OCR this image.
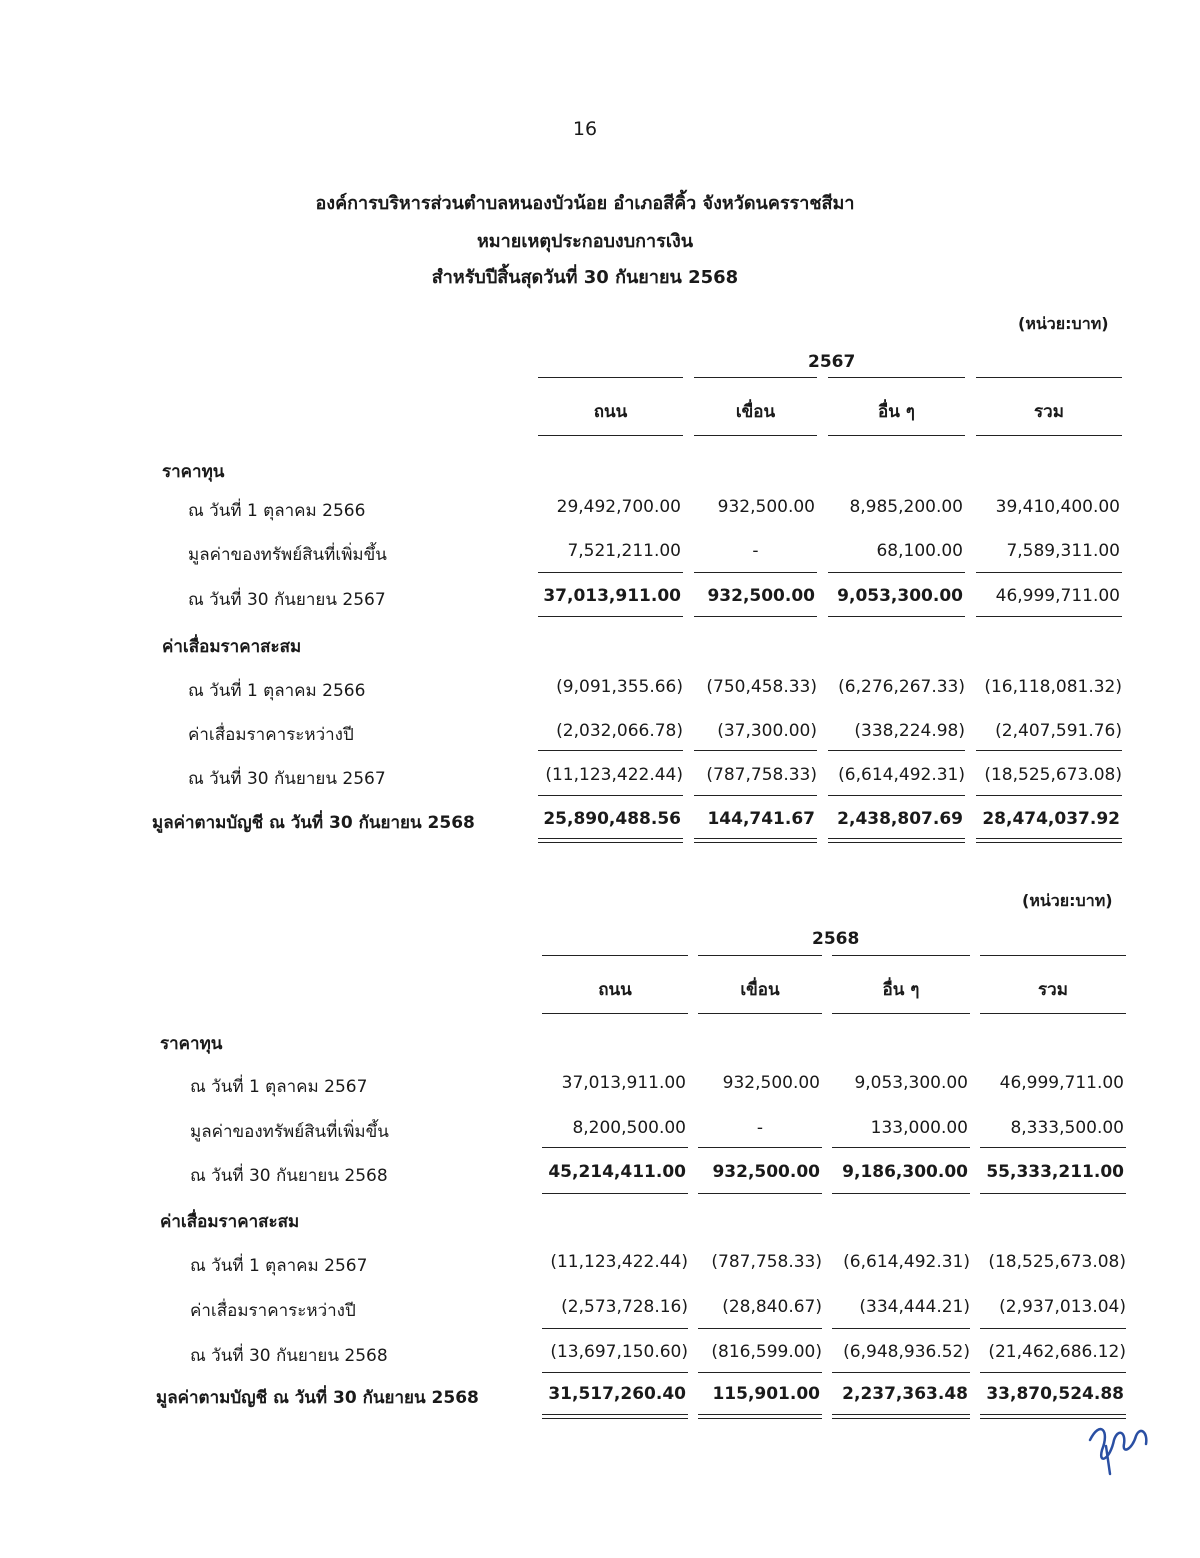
16
องค์การบริหารส่วนตำบลหนองบัวน้อย อำเภอสีคิ้ว จังหวัดนครราชสีมา
หมายเหตุประกอบงบการเงิน
สำหรับปีสิ้นสุดวันที่ 30 กันยายน 2568
(หน่วย:บาท)
2567
ถนน	เขื่อน	อื่น ๆ	รวม
ราคาทุน
ณ วันที่ 1 ตุลาคม 2566	29,492,700.00	932,500.00	8,985,200.00	39,410,400.00
มูลค่าของทรัพย์สินที่เพิ่มขึ้น	7,521,211.00	-	68,100.00	7,589,311.00
ณ วันที่ 30 กันยายน 2567	37,013,911.00	932,500.00	9,053,300.00	46,999,711.00
ค่าเสื่อมราคาสะสม
ณ วันที่ 1 ตุลาคม 2566	(9,091,355.66)	(750,458.33)	(6,276,267.33)	(16,118,081.32)
ค่าเสื่อมราคาระหว่างปี	(2,032,066.78)	(37,300.00)	(338,224.98)	(2,407,591.76)
ณ วันที่ 30 กันยายน 2567	(11,123,422.44)	(787,758.33)	(6,614,492.31)	(18,525,673.08)
มูลค่าตามบัญชี ณ วันที่ 30 กันยายน 2568	25,890,488.56	144,741.67	2,438,807.69	28,474,037.92
(หน่วย:บาท)
2568
ถนน	เขื่อน	อื่น ๆ	รวม
ราคาทุน
ณ วันที่ 1 ตุลาคม 2567	37,013,911.00	932,500.00	9,053,300.00	46,999,711.00
มูลค่าของทรัพย์สินที่เพิ่มขึ้น	8,200,500.00	-	133,000.00	8,333,500.00
ณ วันที่ 30 กันยายน 2568	45,214,411.00	932,500.00	9,186,300.00	55,333,211.00
ค่าเสื่อมราคาสะสม
ณ วันที่ 1 ตุลาคม 2567	(11,123,422.44)	(787,758.33)	(6,614,492.31)	(18,525,673.08)
ค่าเสื่อมราคาระหว่างปี	(2,573,728.16)	(28,840.67)	(334,444.21)	(2,937,013.04)
ณ วันที่ 30 กันยายน 2568	(13,697,150.60)	(816,599.00)	(6,948,936.52)	(21,462,686.12)
มูลค่าตามบัญชี ณ วันที่ 30 กันยายน 2568	31,517,260.40	115,901.00	2,237,363.48	33,870,524.88
